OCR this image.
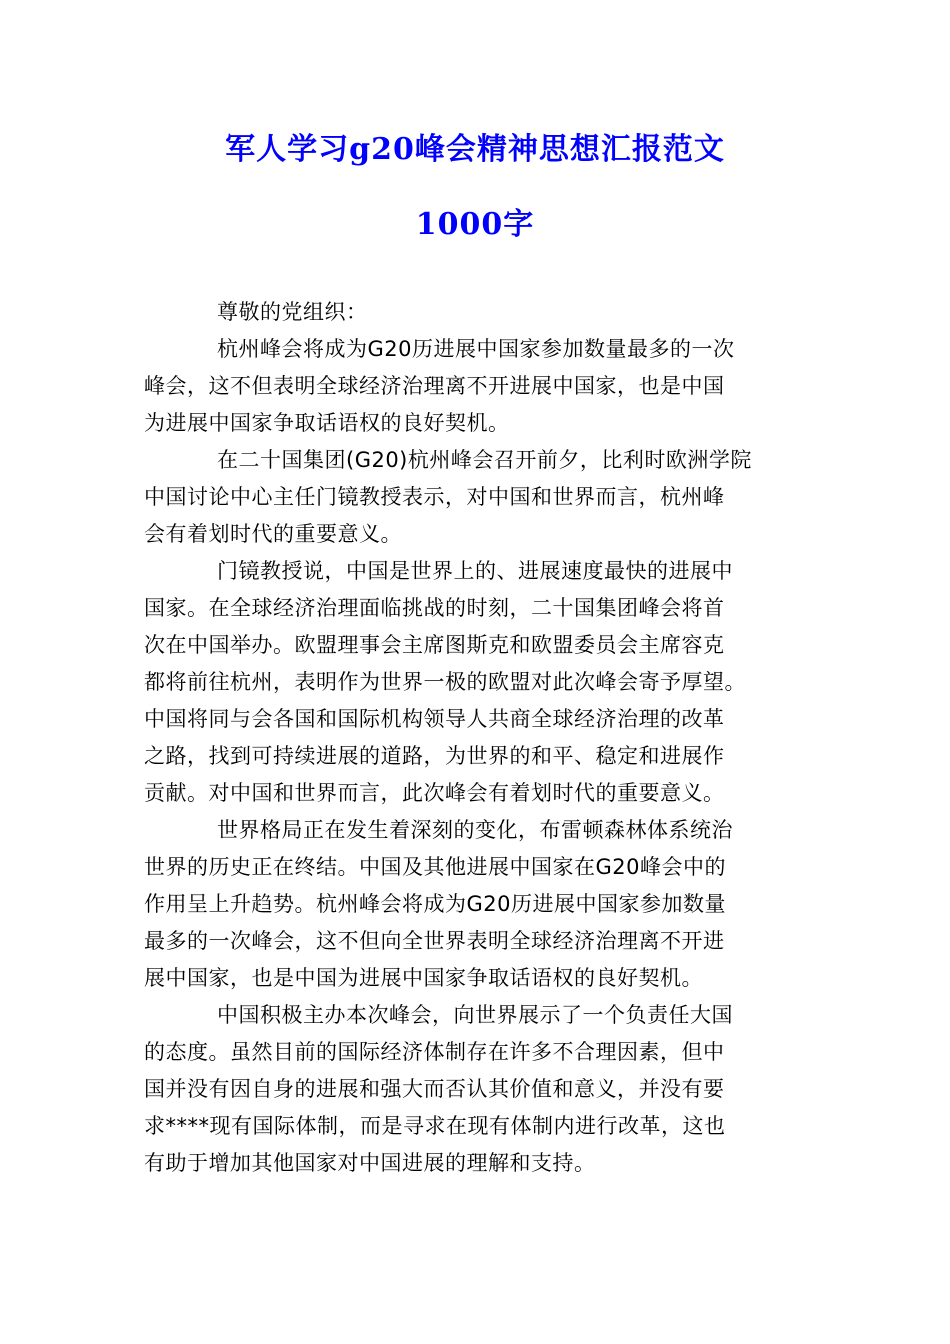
军人学习g20峰会精神思想汇报范文
1000字
尊敬的党组织：
杭州峰会将成为G20历进展中国家参加数量最多的一次
峰会，这不但表明全球经济治理离不开进展中国家，也是中国
为进展中国家争取话语权的良好契机。
在二十国集团(G20)杭州峰会召开前夕，比利时欧洲学院
中国讨论中心主任门镜教授表示，对中国和世界而言，杭州峰
会有着划时代的重要意义。
门镜教授说，中国是世界上的、进展速度最快的进展中
国家。在全球经济治理面临挑战的时刻，二十国集团峰会将首
次在中国举办。欧盟理事会主席图斯克和欧盟委员会主席容克
都将前往杭州，表明作为世界一极的欧盟对此次峰会寄予厚望。
中国将同与会各国和国际机构领导人共商全球经济治理的改革
之路，找到可持续进展的道路，为世界的和平、稳定和进展作
贡献。对中国和世界而言，此次峰会有着划时代的重要意义。
世界格局正在发生着深刻的变化，布雷顿森林体系统治
世界的历史正在终结。中国及其他进展中国家在G20峰会中的
作用呈上升趋势。杭州峰会将成为G20历进展中国家参加数量
最多的一次峰会，这不但向全世界表明全球经济治理离不开进
展中国家，也是中国为进展中国家争取话语权的良好契机。
中国积极主办本次峰会，向世界展示了一个负责任大国
的态度。虽然目前的国际经济体制存在许多不合理因素，但中
国并没有因自身的进展和强大而否认其价值和意义，并没有要
求****现有国际体制，而是寻求在现有体制内进行改革，这也
有助于增加其他国家对中国进展的理解和支持。
